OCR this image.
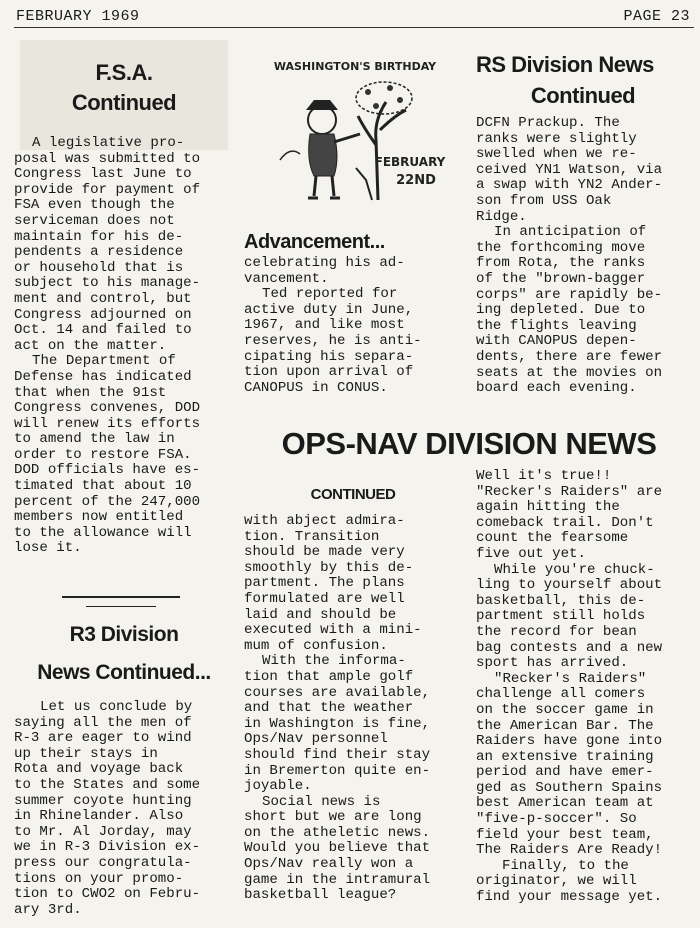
FEBRUARY 1969	PAGE 23
F.S.A.
Continued

A legislative pro-
posal was submitted to
Congress last June to
provide for payment of
FSA even though the
serviceman does not
maintain for his de-
pendents a residence
or household that is
subject to his manage-
ment and control, but
Congress adjourned on
Oct. 14 and failed to
act on the matter.

The Department of
Defense has indicated
that when the 91st
Congress convenes, DOD
will renew its efforts
to amend the law in
order to restore FSA.
DOD officials have es-
timated that about 10
percent of the 247,000
members now entitled
to the allowance will
lose it.

R3 Division
News Continued...

Let us conclude by
saying all the men of
R-3 are eager to wind
up their stays in
Rota and voyage back
to the States and some
summer coyote hunting
in Rhinelander. Also
to Mr. Al Jorday, may
we in R-3 Division ex-
press our congratula-
tions on your promo-
tion to CWO2 on Febru-
ary 3rd.

WASHINGTON'S BIRTHDAY
FEBRUARY
22ND
Advancement...

celebrating his ad-
vancement.

Ted reported for
active duty in June,
1967, and like most
reserves, he is anti-
cipating his separa-
tion upon arrival of
CANOPUS in CONUS.

RS Division News
Continued

DCFN Prackup. The
ranks were slightly
swelled when we re-
ceived YN1 Watson, via
a swap with YN2 Ander-
son from USS Oak
Ridge.

In anticipation of
the forthcoming move
from Rota, the ranks
of the "brown-bagger
corps" are rapidly be-
ing depleted. Due to
the flights leaving
with CANOPUS depen-
dents, there are fewer
seats at the movies on
board each evening.

OPS-NAV DIVISION NEWS
CONTINUED

with abject admira-
tion. Transition
should be made very
smoothly by this de-
partment. The plans
formulated are well
laid and should be
executed with a mini-
mum of confusion.

With the informa-
tion that ample golf
courses are available,
and that the weather
in Washington is fine,
Ops/Nav personnel
should find their stay
in Bremerton quite en-
joyable.

Social news is
short but we are long
on the atheletic news.
Would you believe that
Ops/Nav really won a
game in the intramural
basketball league?

Well it's true!!
"Recker's Raiders" are
again hitting the
comeback trail. Don't
count the fearsome
five out yet.

While you're chuck-
ling to yourself about
basketball, this de-
partment still holds
the record for bean
bag contests and a new
sport has arrived.

"Recker's Raiders"
challenge all comers
on the soccer game in
the American Bar. The
Raiders have gone into
an extensive training
period and have emer-
ged as Southern Spains
best American team at
"five-p-soccer". So
field your best team,
The Raiders Are Ready!

Finally, to the
originator, we will
find your message yet.
